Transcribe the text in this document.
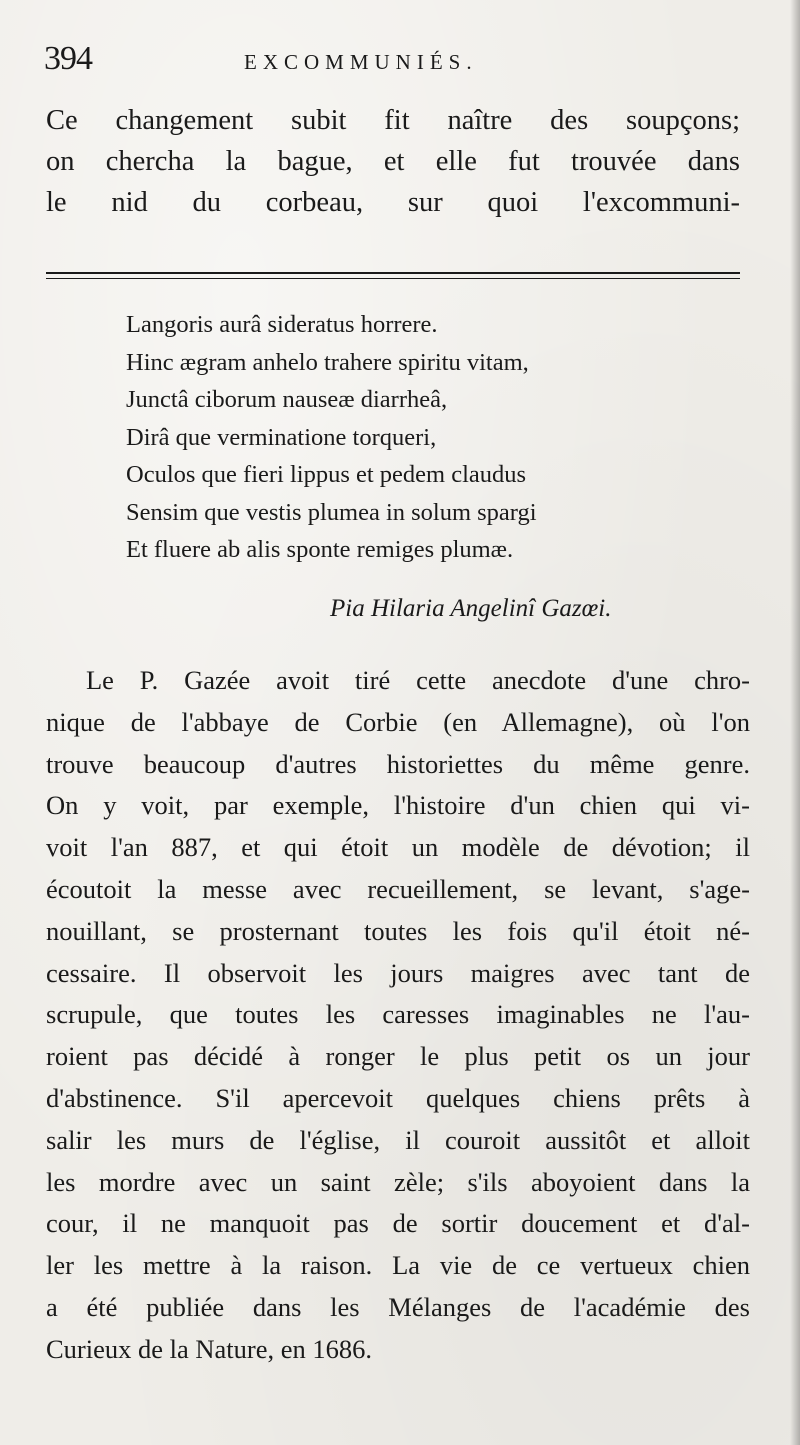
394	EXCOMMUNIÉS.
Ce changement subit fit naître des soupçons;
on chercha la bague, et elle fut trouvée dans
le nid du corbeau, sur quoi l'excommuni-
Langoris aurâ sideratus horrere.
Hinc ægram anhelo trahere spiritu vitam,
Junctâ ciborum nauseæ diarrheâ,
Dirâ que verminatione torqueri,
Oculos que fieri lippus et pedem claudus
Sensim que vestis plumea in solum spargi
Et fluere ab alis sponte remiges plumæ.
Pia Hilaria Angelinî Gazœi.
Le P. Gazée avoit tiré cette anecdote d'une chro-
nique de l'abbaye de Corbie (en Allemagne), où l'on
trouve beaucoup d'autres historiettes du même genre.
On y voit, par exemple, l'histoire d'un chien qui vi-
voit l'an 887, et qui étoit un modèle de dévotion; il
écoutoit la messe avec recueillement, se levant, s'age-
nouillant, se prosternant toutes les fois qu'il étoit né-
cessaire. Il observoit les jours maigres avec tant de
scrupule, que toutes les caresses imaginables ne l'au-
roient pas décidé à ronger le plus petit os un jour
d'abstinence. S'il apercevoit quelques chiens prêts à
salir les murs de l'église, il couroit aussitôt et alloit
les mordre avec un saint zèle; s'ils aboyoient dans la
cour, il ne manquoit pas de sortir doucement et d'al-
ler les mettre à la raison. La vie de ce vertueux chien
a été publiée dans les Mélanges de l'académie des
Curieux de la Nature, en 1686.
